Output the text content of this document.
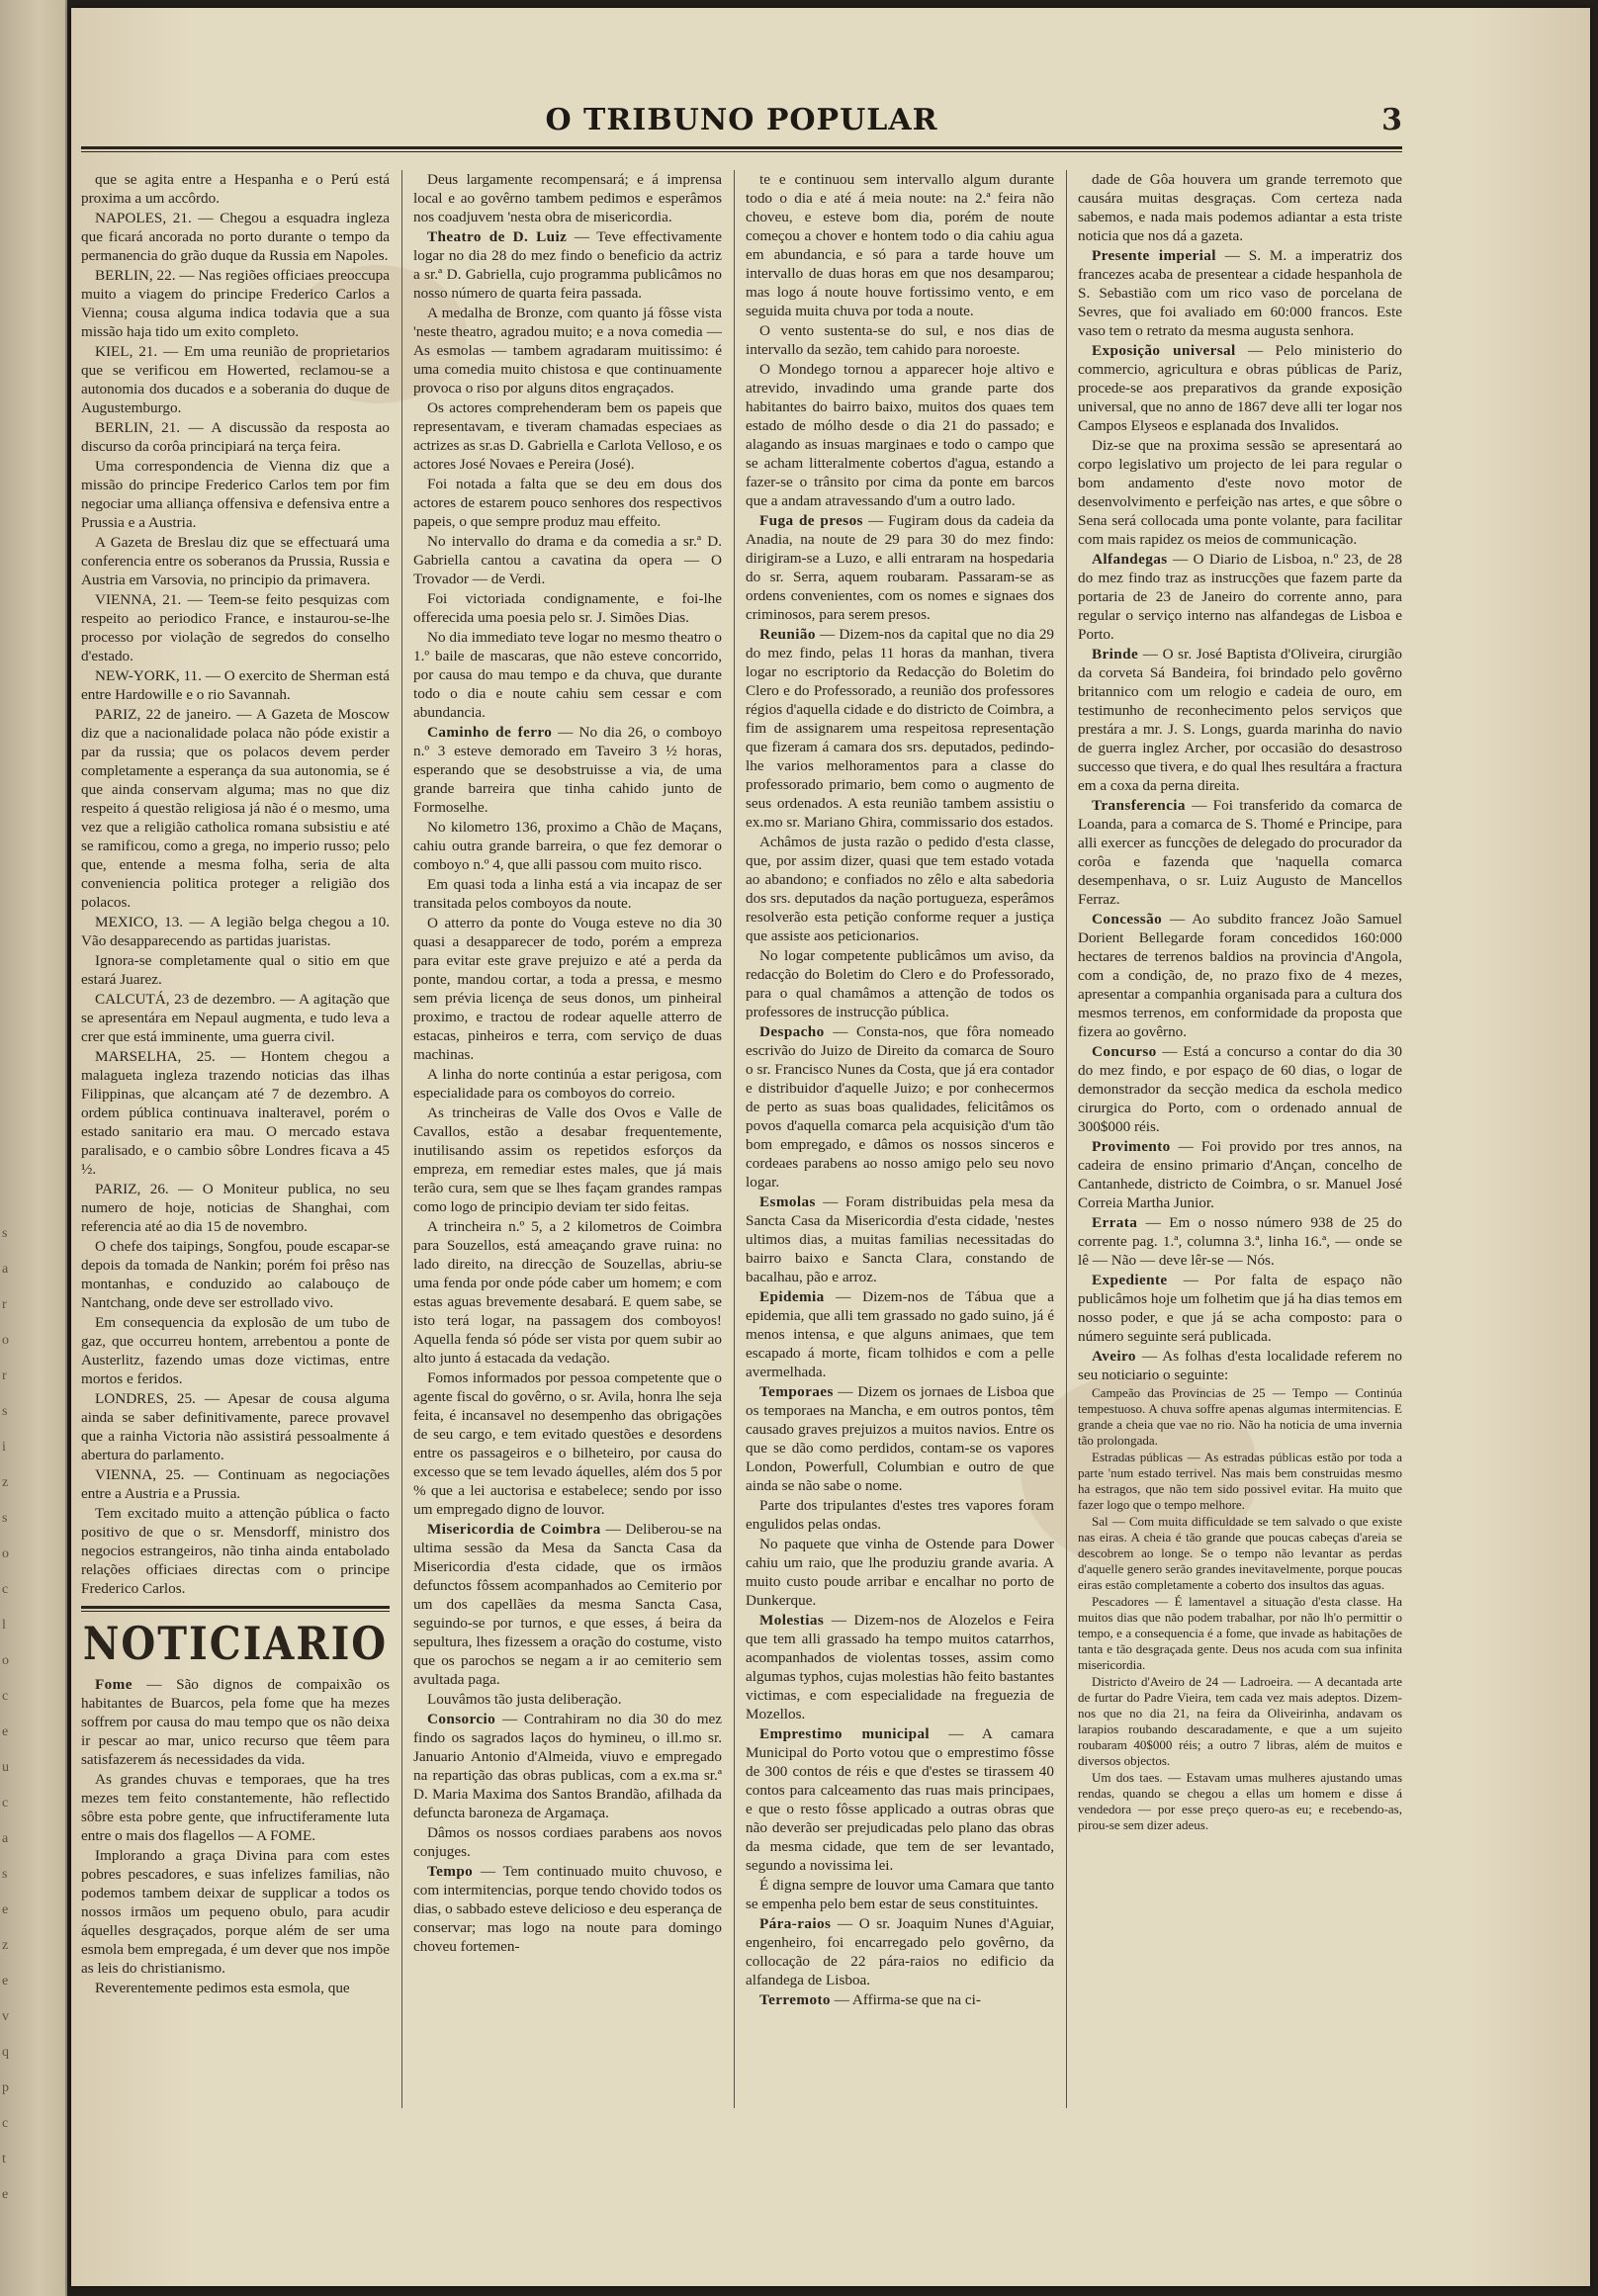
s
a
r
o
r
s
i
z
s
o
c
l
o
c
e
u
c
a
s
e
z
e
v
q
p
c
t
e
O TRIBUNO POPULAR	3

que se agita entre a Hespanha e o Perú está proxima a um accôrdo.

NAPOLES, 21. — Chegou a esquadra ingleza que ficará ancorada no porto durante o tempo da permanencia do grão duque da Russia em Napoles.

BERLIN, 22. — Nas regiões officiaes preoccupa muito a viagem do principe Frederico Carlos a Vienna; cousa alguma indica todavia que a sua missão haja tido um exito completo.

KIEL, 21. — Em uma reunião de proprietarios que se verificou em Howerted, reclamou-se a autonomia dos ducados e a soberania do duque de Augustemburgo.

BERLIN, 21. — A discussão da resposta ao discurso da corôa principiará na terça feira.

Uma correspondencia de Vienna diz que a missão do principe Frederico Carlos tem por fim negociar uma alliança offensiva e defensiva entre a Prussia e a Austria.

A Gazeta de Breslau diz que se effectuará uma conferencia entre os soberanos da Prussia, Russia e Austria em Varsovia, no principio da primavera.

VIENNA, 21. — Teem-se feito pesquizas com respeito ao periodico France, e instaurou-se-lhe processo por violação de segredos do conselho d'estado.

NEW-YORK, 11. — O exercito de Sherman está entre Hardowille e o rio Savannah.

PARIZ, 22 de janeiro. — A Gazeta de Moscow diz que a nacionalidade polaca não póde existir a par da russia; que os polacos devem perder completamente a esperança da sua autonomia, se é que ainda conservam alguma; mas no que diz respeito á questão religiosa já não é o mesmo, uma vez que a religião catholica romana subsistiu e até se ramificou, como a grega, no imperio russo; pelo que, entende a mesma folha, seria de alta conveniencia politica proteger a religião dos polacos.

MEXICO, 13. — A legião belga chegou a 10. Vão desapparecendo as partidas juaristas.

Ignora-se completamente qual o sitio em que estará Juarez.

CALCUTÁ, 23 de dezembro. — A agitação que se apresentára em Nepaul augmenta, e tudo leva a crer que está imminente, uma guerra civil.

MARSELHA, 25. — Hontem chegou a malagueta ingleza trazendo noticias das ilhas Filippinas, que alcançam até 7 de dezembro. A ordem pública continuava inalteravel, porém o estado sanitario era mau. O mercado estava paralisado, e o cambio sôbre Londres ficava a 45 ½.

PARIZ, 26. — O Moniteur publica, no seu numero de hoje, noticias de Shanghai, com referencia até ao dia 15 de novembro.

O chefe dos taipings, Songfou, poude escapar-se depois da tomada de Nankin; porém foi prêso nas montanhas, e conduzido ao calabouço de Nantchang, onde deve ser estrollado vivo.

Em consequencia da explosão de um tubo de gaz, que occurreu hontem, arrebentou a ponte de Austerlitz, fazendo umas doze victimas, entre mortos e feridos.

LONDRES, 25. — Apesar de cousa alguma ainda se saber definitivamente, parece provavel que a rainha Victoria não assistirá pessoalmente á abertura do parlamento.

VIENNA, 25. — Continuam as negociações entre a Austria e a Prussia.

Tem excitado muito a attenção pública o facto positivo de que o sr. Mensdorff, ministro dos negocios estrangeiros, não tinha ainda entabolado relações officiaes directas com o principe Frederico Carlos.

NOTICIARIO

Fome — São dignos de compaixão os habitantes de Buarcos, pela fome que ha mezes soffrem por causa do mau tempo que os não deixa ir pescar ao mar, unico recurso que têem para satisfazerem ás necessidades da vida.

As grandes chuvas e temporaes, que ha tres mezes tem feito constantemente, hão reflectido sôbre esta pobre gente, que infructiferamente luta entre o mais dos flagellos — A FOME.

Implorando a graça Divina para com estes pobres pescadores, e suas infelizes familias, não podemos tambem deixar de supplicar a todos os nossos irmãos um pequeno obulo, para acudir áquelles desgraçados, porque além de ser uma esmola bem empregada, é um dever que nos impõe as leis do christianismo.

Reverentemente pedimos esta esmola, que

Deus largamente recompensará; e á imprensa local e ao govêrno tambem pedimos e esperâmos nos coadjuvem 'nesta obra de misericordia.

Theatro de D. Luiz — Teve effectivamente logar no dia 28 do mez findo o beneficio da actriz a sr.ª D. Gabriella, cujo programma publicâmos no nosso número de quarta feira passada.

A medalha de Bronze, com quanto já fôsse vista 'neste theatro, agradou muito; e a nova comedia — As esmolas — tambem agradaram muitissimo: é uma comedia muito chistosa e que continuamente provoca o riso por alguns ditos engraçados.

Os actores comprehenderam bem os papeis que representavam, e tiveram chamadas especiaes as actrizes as sr.as D. Gabriella e Carlota Velloso, e os actores José Novaes e Pereira (José).

Foi notada a falta que se deu em dous dos actores de estarem pouco senhores dos respectivos papeis, o que sempre produz mau effeito.

No intervallo do drama e da comedia a sr.ª D. Gabriella cantou a cavatina da opera — O Trovador — de Verdi.

Foi victoriada condignamente, e foi-lhe offerecida uma poesia pelo sr. J. Simões Dias.

No dia immediato teve logar no mesmo theatro o 1.º baile de mascaras, que não esteve concorrido, por causa do mau tempo e da chuva, que durante todo o dia e noute cahiu sem cessar e com abundancia.

Caminho de ferro — No dia 26, o comboyo n.º 3 esteve demorado em Taveiro 3 ½ horas, esperando que se desobstruisse a via, de uma grande barreira que tinha cahido junto de Formoselhe.

No kilometro 136, proximo a Chão de Maçans, cahiu outra grande barreira, o que fez demorar o comboyo n.º 4, que alli passou com muito risco.

Em quasi toda a linha está a via incapaz de ser transitada pelos comboyos da noute.

O atterro da ponte do Vouga esteve no dia 30 quasi a desapparecer de todo, porém a empreza para evitar este grave prejuizo e até a perda da ponte, mandou cortar, a toda a pressa, e mesmo sem prévia licença de seus donos, um pinheiral proximo, e tractou de rodear aquelle atterro de estacas, pinheiros e terra, com serviço de duas machinas.

A linha do norte continúa a estar perigosa, com especialidade para os comboyos do correio.

As trincheiras de Valle dos Ovos e Valle de Cavallos, estão a desabar frequentemente, inutilisando assim os repetidos esforços da empreza, em remediar estes males, que já mais terão cura, sem que se lhes façam grandes rampas como logo de principio deviam ter sido feitas.

A trincheira n.º 5, a 2 kilometros de Coimbra para Souzellos, está ameaçando grave ruina: no lado direito, na direcção de Souzellas, abriu-se uma fenda por onde póde caber um homem; e com estas aguas brevemente desabará. E quem sabe, se isto terá logar, na passagem dos comboyos! Aquella fenda só póde ser vista por quem subir ao alto junto á estacada da vedação.

Fomos informados por pessoa competente que o agente fiscal do govêrno, o sr. Avila, honra lhe seja feita, é incansavel no desempenho das obrigações de seu cargo, e tem evitado questões e desordens entre os passageiros e o bilheteiro, por causa do excesso que se tem levado áquelles, além dos 5 por % que a lei auctorisa e estabelece; sendo por isso um empregado digno de louvor.

Misericordia de Coimbra — Deliberou-se na ultima sessão da Mesa da Sancta Casa da Misericordia d'esta cidade, que os irmãos defunctos fôssem acompanhados ao Cemiterio por um dos capellães da mesma Sancta Casa, seguindo-se por turnos, e que esses, á beira da sepultura, lhes fizessem a oração do costume, visto que os parochos se negam a ir ao cemiterio sem avultada paga.

Louvâmos tão justa deliberação.

Consorcio — Contrahiram no dia 30 do mez findo os sagrados laços do hymineu, o ill.mo sr. Januario Antonio d'Almeida, viuvo e empregado na repartição das obras publicas, com a ex.ma sr.ª D. Maria Maxima dos Santos Brandão, afilhada da defuncta baroneza de Argamaça.

Dâmos os nossos cordiaes parabens aos novos conjuges.

Tempo — Tem continuado muito chuvoso, e com intermitencias, porque tendo chovido todos os dias, o sabbado esteve delicioso e deu esperança de conservar; mas logo na noute para domingo choveu fortemen-

te e continuou sem intervallo algum durante todo o dia e até á meia noute: na 2.ª feira não choveu, e esteve bom dia, porém de noute começou a chover e hontem todo o dia cahiu agua em abundancia, e só para a tarde houve um intervallo de duas horas em que nos desamparou; mas logo á noute houve fortissimo vento, e em seguida muita chuva por toda a noute.

O vento sustenta-se do sul, e nos dias de intervallo da sezão, tem cahido para noroeste.

O Mondego tornou a apparecer hoje altivo e atrevido, invadindo uma grande parte dos habitantes do bairro baixo, muitos dos quaes tem estado de mólho desde o dia 21 do passado; e alagando as insuas marginaes e todo o campo que se acham litteralmente cobertos d'agua, estando a fazer-se o trânsito por cima da ponte em barcos que a andam atravessando d'um a outro lado.

Fuga de presos — Fugiram dous da cadeia da Anadia, na noute de 29 para 30 do mez findo: dirigiram-se a Luzo, e alli entraram na hospedaria do sr. Serra, aquem roubaram. Passaram-se as ordens convenientes, com os nomes e signaes dos criminosos, para serem presos.

Reunião — Dizem-nos da capital que no dia 29 do mez findo, pelas 11 horas da manhan, tivera logar no escriptorio da Redacção do Boletim do Clero e do Professorado, a reunião dos professores régios d'aquella cidade e do districto de Coimbra, a fim de assignarem uma respeitosa representação que fizeram á camara dos srs. deputados, pedindo-lhe varios melhoramentos para a classe do professorado primario, bem como o augmento de seus ordenados. A esta reunião tambem assistiu o ex.mo sr. Mariano Ghira, commissario dos estados.

Achâmos de justa razão o pedido d'esta classe, que, por assim dizer, quasi que tem estado votada ao abandono; e confiados no zêlo e alta sabedoria dos srs. deputados da nação portugueza, esperâmos resolverão esta petição conforme requer a justiça que assiste aos peticionarios.

No logar competente publicâmos um aviso, da redacção do Boletim do Clero e do Professorado, para o qual chamâmos a attenção de todos os professores de instrucção pública.

Despacho — Consta-nos, que fôra nomeado escrivão do Juizo de Direito da comarca de Souro o sr. Francisco Nunes da Costa, que já era contador e distribuidor d'aquelle Juizo; e por conhecermos de perto as suas boas qualidades, felicitâmos os povos d'aquella comarca pela acquisição d'um tão bom empregado, e dâmos os nossos sinceros e cordeaes parabens ao nosso amigo pelo seu novo logar.

Esmolas — Foram distribuidas pela mesa da Sancta Casa da Misericordia d'esta cidade, 'nestes ultimos dias, a muitas familias necessitadas do bairro baixo e Sancta Clara, constando de bacalhau, pão e arroz.

Epidemia — Dizem-nos de Tábua que a epidemia, que alli tem grassado no gado suino, já é menos intensa, e que alguns animaes, que tem escapado á morte, ficam tolhidos e com a pelle avermelhada.

Temporaes — Dizem os jornaes de Lisboa que os temporaes na Mancha, e em outros pontos, têm causado graves prejuizos a muitos navios. Entre os que se dão como perdidos, contam-se os vapores London, Powerfull, Columbian e outro de que ainda se não sabe o nome.

Parte dos tripulantes d'estes tres vapores foram engulidos pelas ondas.

No paquete que vinha de Ostende para Dower cahiu um raio, que lhe produziu grande avaria. A muito custo poude arribar e encalhar no porto de Dunkerque.

Molestias — Dizem-nos de Alozelos e Feira que tem alli grassado ha tempo muitos catarrhos, acompanhados de violentas tosses, assim como algumas typhos, cujas molestias hão feito bastantes victimas, e com especialidade na freguezia de Mozellos.

Emprestimo municipal — A camara Municipal do Porto votou que o emprestimo fôsse de 300 contos de réis e que d'estes se tirassem 40 contos para calceamento das ruas mais principaes, e que o resto fôsse applicado a outras obras que não deverão ser prejudicadas pelo plano das obras da mesma cidade, que tem de ser levantado, segundo a novissima lei.

É digna sempre de louvor uma Camara que tanto se empenha pelo bem estar de seus constituintes.

Pára-raios — O sr. Joaquim Nunes d'Aguiar, engenheiro, foi encarregado pelo govêrno, da collocação de 22 pára-raios no edificio da alfandega de Lisboa.

Terremoto — Affirma-se que na ci-

dade de Gôa houvera um grande terremoto que causára muitas desgraças. Com certeza nada sabemos, e nada mais podemos adiantar a esta triste noticia que nos dá a gazeta.

Presente imperial — S. M. a imperatriz dos francezes acaba de presentear a cidade hespanhola de S. Sebastião com um rico vaso de porcelana de Sevres, que foi avaliado em 60:000 francos. Este vaso tem o retrato da mesma augusta senhora.

Exposição universal — Pelo ministerio do commercio, agricultura e obras públicas de Pariz, procede-se aos preparativos da grande exposição universal, que no anno de 1867 deve alli ter logar nos Campos Elyseos e esplanada dos Invalidos.

Diz-se que na proxima sessão se apresentará ao corpo legislativo um projecto de lei para regular o bom andamento d'este novo motor de desenvolvimento e perfeição nas artes, e que sôbre o Sena será collocada uma ponte volante, para facilitar com mais rapidez os meios de communicação.

Alfandegas — O Diario de Lisboa, n.º 23, de 28 do mez findo traz as instrucções que fazem parte da portaria de 23 de Janeiro do corrente anno, para regular o serviço interno nas alfandegas de Lisboa e Porto.

Brinde — O sr. José Baptista d'Oliveira, cirurgião da corveta Sá Bandeira, foi brindado pelo govêrno britannico com um relogio e cadeia de ouro, em testimunho de reconhecimento pelos serviços que prestára a mr. J. S. Longs, guarda marinha do navio de guerra inglez Archer, por occasião do desastroso successo que tivera, e do qual lhes resultára a fractura em a coxa da perna direita.

Transferencia — Foi transferido da comarca de Loanda, para a comarca de S. Thomé e Principe, para alli exercer as funcções de delegado do procurador da corôa e fazenda que 'naquella comarca desempenhava, o sr. Luiz Augusto de Mancellos Ferraz.

Concessão — Ao subdito francez João Samuel Dorient Bellegarde foram concedidos 160:000 hectares de terrenos baldios na provincia d'Angola, com a condição, de, no prazo fixo de 4 mezes, apresentar a companhia organisada para a cultura dos mesmos terrenos, em conformidade da proposta que fizera ao govêrno.

Concurso — Está a concurso a contar do dia 30 do mez findo, e por espaço de 60 dias, o logar de demonstrador da secção medica da eschola medico cirurgica do Porto, com o ordenado annual de 300$000 réis.

Provimento — Foi provido por tres annos, na cadeira de ensino primario d'Ançan, concelho de Cantanhede, districto de Coimbra, o sr. Manuel José Correia Martha Junior.

Errata — Em o nosso número 938 de 25 do corrente pag. 1.ª, columna 3.ª, linha 16.ª, — onde se lê — Não — deve lêr-se — Nós.

Expediente — Por falta de espaço não publicâmos hoje um folhetim que já ha dias temos em nosso poder, e que já se acha composto: para o número seguinte será publicada.

Aveiro — As folhas d'esta localidade referem no seu noticiario o seguinte:

Campeão das Provincias de 25 — Tempo — Continúa tempestuoso. A chuva soffre apenas algumas intermitencias. E grande a cheia que vae no rio. Não ha noticia de uma invernia tão prolongada.

Estradas públicas — As estradas públicas estão por toda a parte 'num estado terrivel. Nas mais bem construidas mesmo ha estragos, que não tem sido possivel evitar. Ha muito que fazer logo que o tempo melhore.

Sal — Com muita difficuldade se tem salvado o que existe nas eiras. A cheia é tão grande que poucas cabeças d'areia se descobrem ao longe. Se o tempo não levantar as perdas d'aquelle genero serão grandes inevitavelmente, porque poucas eiras estão completamente a coberto dos insultos das aguas.

Pescadores — É lamentavel a situação d'esta classe. Ha muitos dias que não podem trabalhar, por não lh'o permittir o tempo, e a consequencia é a fome, que invade as habitações de tanta e tão desgraçada gente. Deus nos acuda com sua infinita misericordia.

Districto d'Aveiro de 24 — Ladroeira. — A decantada arte de furtar do Padre Vieira, tem cada vez mais adeptos. Dizem-nos que no dia 21, na feira da Oliveirinha, andavam os larapios roubando descaradamente, e que a um sujeito roubaram 40$000 réis; a outro 7 libras, além de muitos e diversos objectos.

Um dos taes. — Estavam umas mulheres ajustando umas rendas, quando se chegou a ellas um homem e disse á vendedora — por esse preço quero-as eu; e recebendo-as, pirou-se sem dizer adeus.
